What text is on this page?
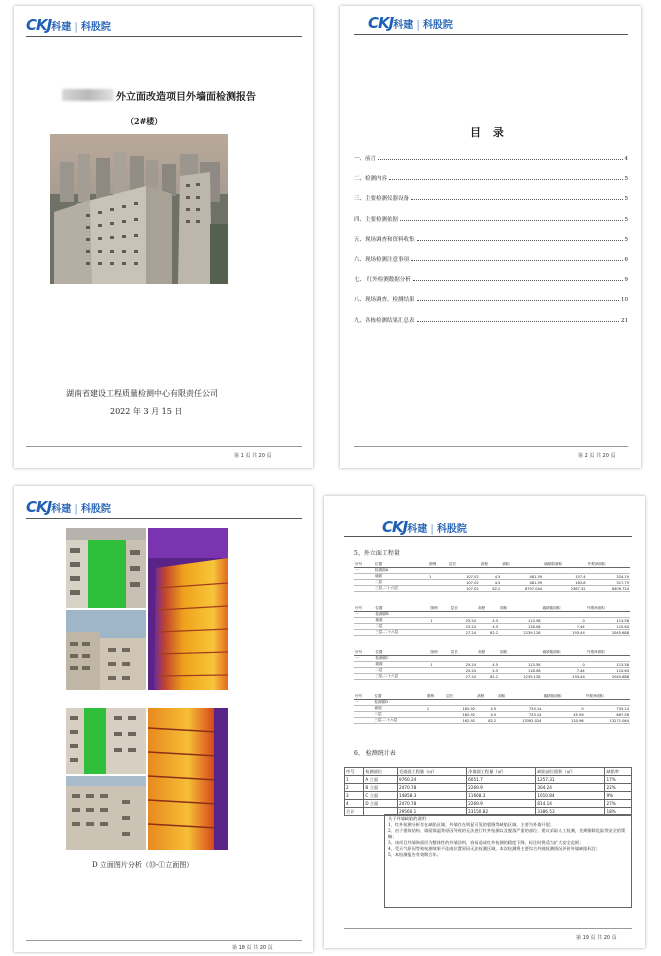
CKJ科建 | 科股院
外立面改造项目外墙面检测报告
（2#楼）
湖南省建设工程质量检测中心有限责任公司
2022 年 3 月 15 日
第 1 页 共 20 页
CKJ科建 | 科股院
目 录
一、前言	4
二、检测内容	5
三、主要检测仪器设备	5
四、主要检测依据	5
五、现场调查和资料收集	5
六、现场检测注意事项	6
七、 红外检测数据分析	9
八、现场调查、检测结果	10
九、各栋检测结果汇总表	21
第 2 页 共 20 页
CKJ科建 | 科股院
D 立面图片分析（㉝-①立面图）
第 18 页 共 20 页
CKJ科建 | 科股院
5、外立面工程量
序号	位置	图例	层长	高程	面积	墙缺陷面积	外观净面积
一	检测面A						
	墙面	1	107.02	4.5	481.59	157.4	324.19
	二层		107.02	4.5	481.59	163.8	317.79
	三层-二十六层		107.02	82.2	8797.044	2387.32	6409.724
序号	位置	图例	层长	高程	面积	墙缺陷面积	外观净面积
一	检测面B						
	墙面	1	25.24	4.5	113.58	0	113.58
	二层		25.24	4.5	118.08	7.44	110.64
	三层-二十六层		27.24	82.2	2239.128	193.44	2045.688
序号	位置	图例	层长	高程	面积	墙缺陷面积	外观净面积
一	检测面C						
	墙面	1	25.24	4.5	113.58	0	113.58
	二层		25.24	4.5	118.08	7.44	110.64
	三层-二十六层		27.24	82.2	2239.128	193.44	2045.688
序号	位置	图例	层长	高程	面积	墙缺陷面积	外观净面积
一	检测面D						
	墙面	1	162.92	4.5	733.14	0	733.14
	二层		162.92	4.5	733.14	45.56	687.58
	三层-二十六层		162.92	82.2	13392.024	120.96	13271.064
6、 检测统计表
序号	检测部位	毛墙面工程量（㎡）	净墙面工程量（㎡）	缺陷部位面积（㎡）	缺陷率
1	A 立面	9760.24	6051.7	1257.31	17%
2	B 立面	2470.78	2269.9	304.24	22%
3	C 立面	14858.3	11668.3	1010.84	9%
4	D 立面	2470.78	2269.9	814.14	27%
合计		29560.1	23150.82	3386.53	18%
关于外墙缺陷的说明：
1、红外检测分析存在缺陷区域，外墙存在明显可见的裂缝等缺陷区域，主要为外墙开裂；
2、由于建筑结构、墙面保温等原因导致的无法进行红外检测以及脱落严重的部位，建议采取人工检测，先期排除危险等安全的策略；
3、该项目外墙饰面层为整体性的外墙涂料，容易造成红外检测的精度下降，标注时将适当扩大安全范围；
4、受天气原因等致检测效果不佳或位置原因无法检测区域，本次检测将主要综合外观检测情况评价外墙缺陷标注；
5、本检测报告有效期合年。
第 19 页 共 20 页
